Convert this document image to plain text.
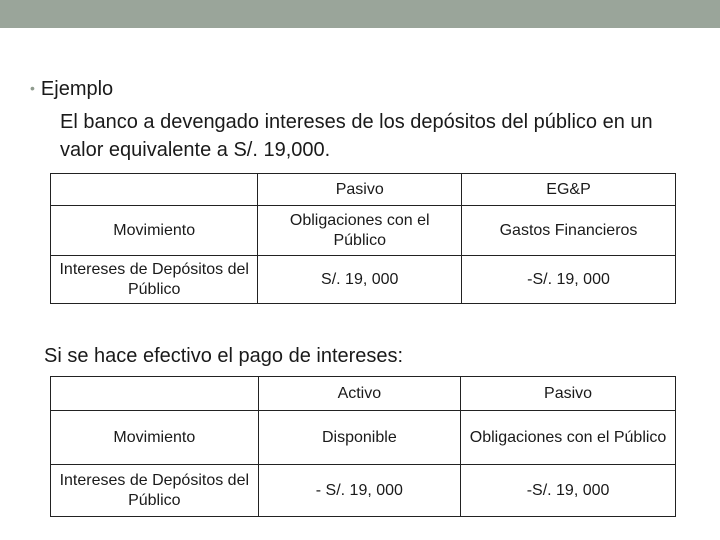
• Ejemplo
El banco a devengado intereses de los depósitos del público en un valor equivalente a S/. 19,000.
	Pasivo	EG&P
Movimiento	Obligaciones con el Público	Gastos Financieros
Intereses de Depósitos del Público	S/. 19, 000	-S/. 19, 000
Si se hace efectivo el pago de intereses:
	Activo	Pasivo
Movimiento	Disponible	Obligaciones con el Público
Intereses de Depósitos del Público	- S/. 19, 000	-S/. 19, 000
